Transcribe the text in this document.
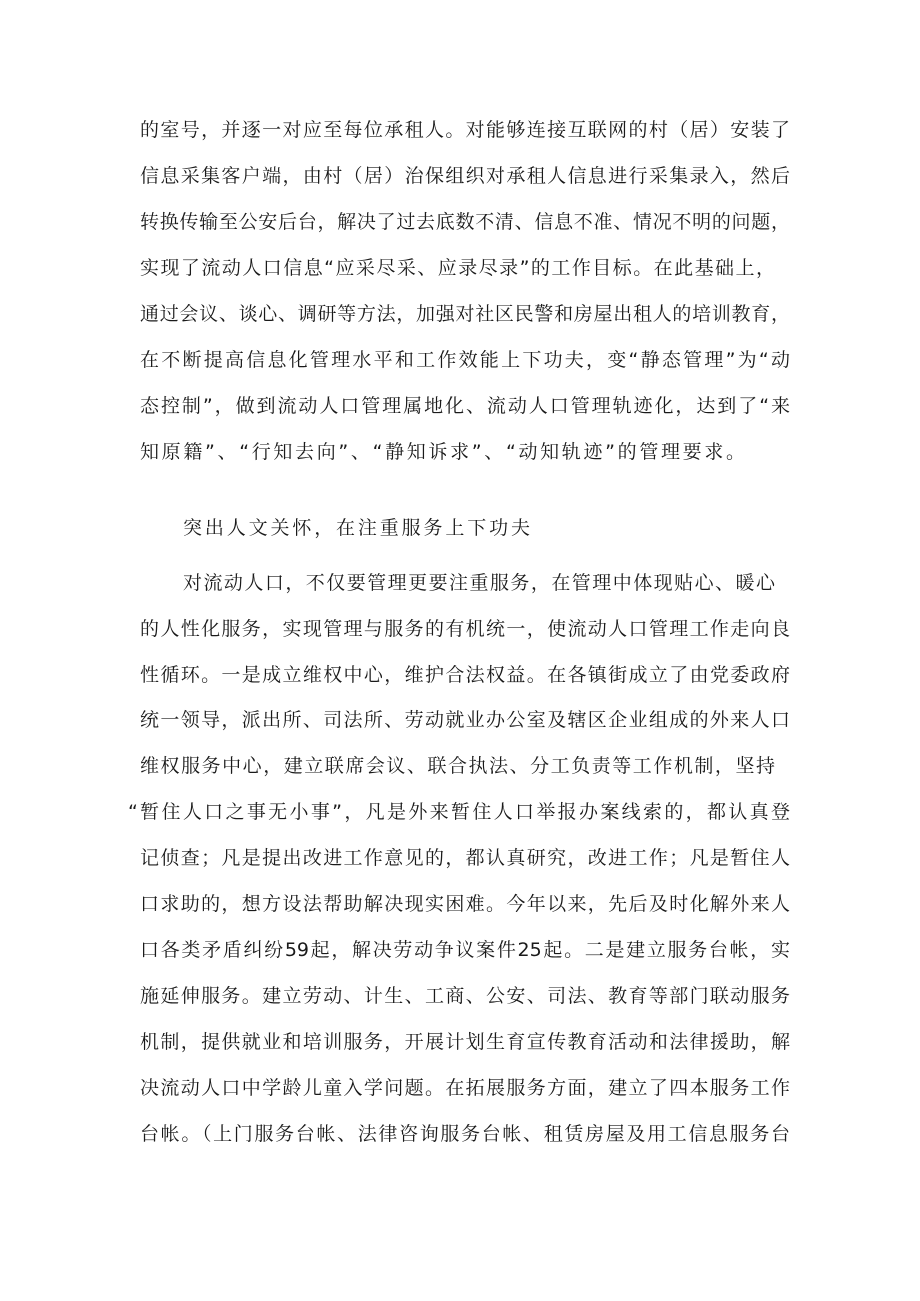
的室号，并逐一对应至每位承租人。对能够连接互联网的村（居）安装了
信息采集客户端，由村（居）治保组织对承租人信息进行采集录入，然后
转换传输至公安后台，解决了过去底数不清、信息不准、情况不明的问题，
实现了流动人口信息“应采尽采、应录尽录”的工作目标。在此基础上，
通过会议、谈心、调研等方法，加强对社区民警和房屋出租人的培训教育，
在不断提高信息化管理水平和工作效能上下功夫，变“静态管理”为“动
态控制”，做到流动人口管理属地化、流动人口管理轨迹化，达到了“来
知原籍”、“行知去向”、“静知诉求”、“动知轨迹”的管理要求。
突出人文关怀，在注重服务上下功夫
对流动人口，不仅要管理更要注重服务，在管理中体现贴心、暖心
的人性化服务，实现管理与服务的有机统一，使流动人口管理工作走向良
性循环。一是成立维权中心，维护合法权益。在各镇街成立了由党委政府
统一领导，派出所、司法所、劳动就业办公室及辖区企业组成的外来人口
维权服务中心，建立联席会议、联合执法、分工负责等工作机制，坚持
“暂住人口之事无小事”，凡是外来暂住人口举报办案线索的，都认真登
记侦查；凡是提出改进工作意见的，都认真研究，改进工作；凡是暂住人
口求助的，想方设法帮助解决现实困难。今年以来，先后及时化解外来人
口各类矛盾纠纷59起，解决劳动争议案件25起。二是建立服务台帐，实
施延伸服务。建立劳动、计生、工商、公安、司法、教育等部门联动服务
机制，提供就业和培训服务，开展计划生育宣传教育活动和法律援助，解
决流动人口中学龄儿童入学问题。在拓展服务方面，建立了四本服务工作
台帐。（上门服务台帐、法律咨询服务台帐、租赁房屋及用工信息服务台
